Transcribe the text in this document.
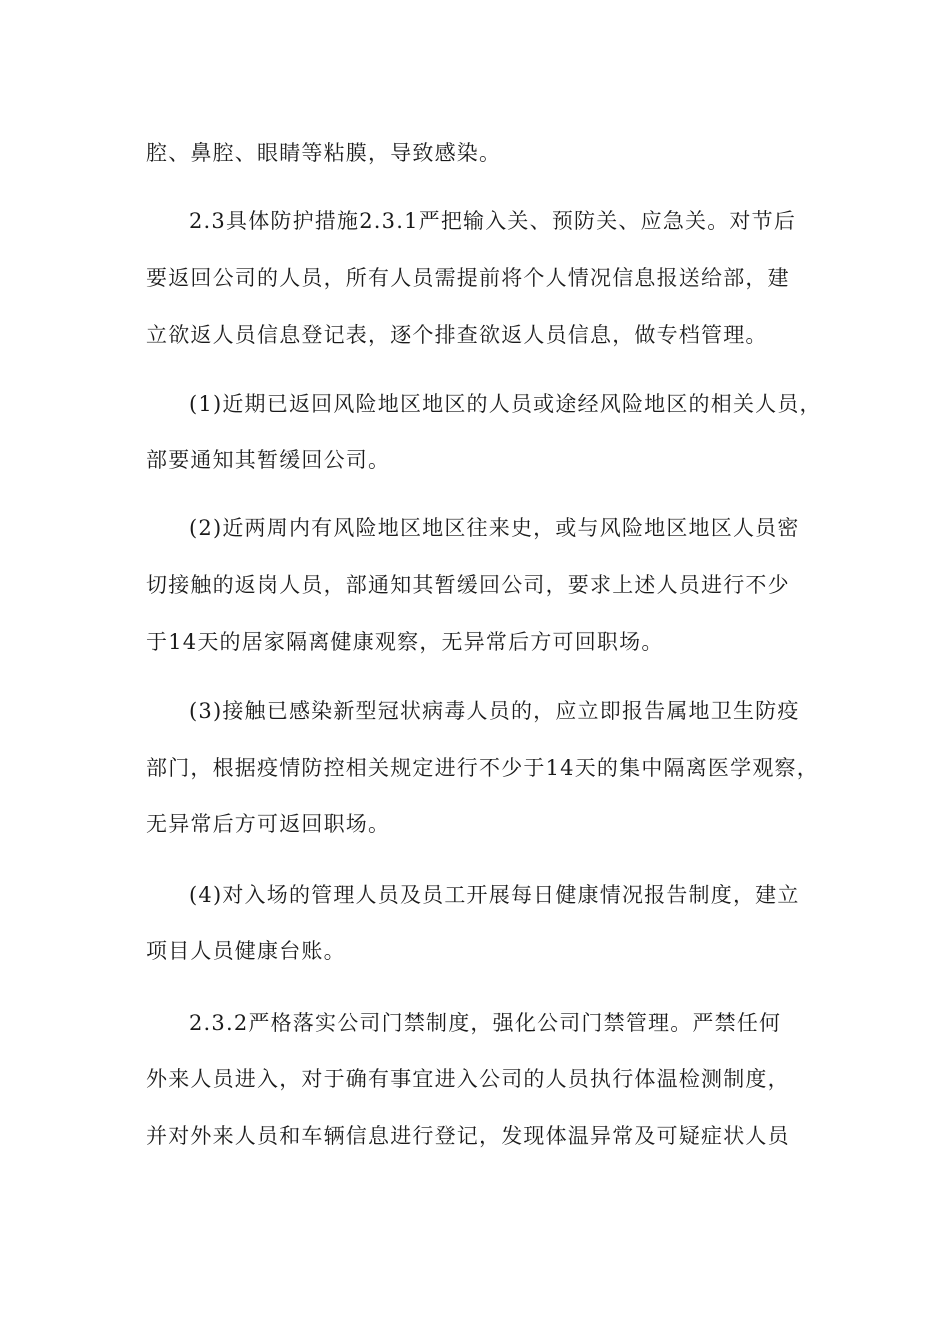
腔、鼻腔、眼睛等粘膜，导致感染。
2.3具体防护措施2.3.1严把输入关、预防关、应急关。对节后
要返回公司的人员，所有人员需提前将个人情况信息报送给部，建
立欲返人员信息登记表，逐个排查欲返人员信息，做专档管理。
(1)近期已返回风险地区地区的人员或途经风险地区的相关人员，
部要通知其暂缓回公司。
(2)近两周内有风险地区地区往来史，或与风险地区地区人员密
切接触的返岗人员，部通知其暂缓回公司，要求上述人员进行不少
于14天的居家隔离健康观察，无异常后方可回职场。
(3)接触已感染新型冠状病毒人员的，应立即报告属地卫生防疫
部门，根据疫情防控相关规定进行不少于14天的集中隔离医学观察，
无异常后方可返回职场。
(4)对入场的管理人员及员工开展每日健康情况报告制度，建立
项目人员健康台账。
2.3.2严格落实公司门禁制度，强化公司门禁管理。严禁任何
外来人员进入，对于确有事宜进入公司的人员执行体温检测制度，
并对外来人员和车辆信息进行登记，发现体温异常及可疑症状人员
